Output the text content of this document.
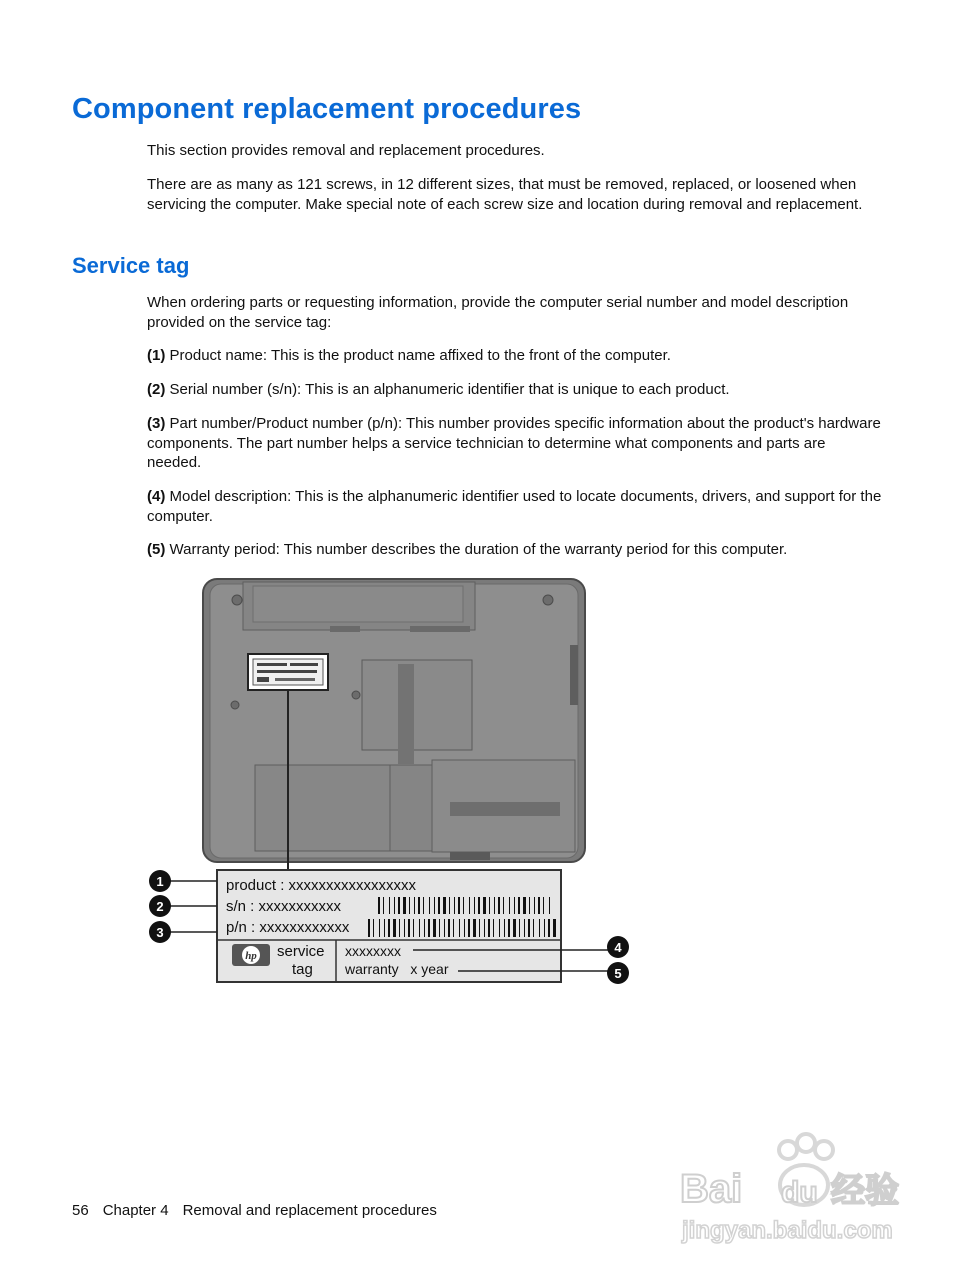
Component replacement procedures

This section provides removal and replacement procedures.

There are as many as 121 screws, in 12 different sizes, that must be removed, replaced, or loosened when servicing the computer. Make special note of each screw size and location during removal and replacement.

Service tag

When ordering parts or requesting information, provide the computer serial number and model description provided on the service tag:

(1) Product name: This is the product name affixed to the front of the computer.

(2) Serial number (s/n): This is an alphanumeric identifier that is unique to each product.

(3) Part number/Product number (p/n): This number provides specific information about the product's hardware components. The part number helps a service technician to determine what components and parts are needed.

(4) Model description: This is the alphanumeric identifier used to locate documents, drivers, and support for the computer.

(5) Warranty period: This number describes the duration of the warranty period for this computer.

product : xxxxxxxxxxxxxxxxx
s/n : xxxxxxxxxxx
p/n : xxxxxxxxxxxx
hp service
tag
xxxxxxxx
warranty   x year
1
2
3
4
5
56 Chapter 4 Removal and replacement procedures	Bai du 经验
jingyan.baidu.com
